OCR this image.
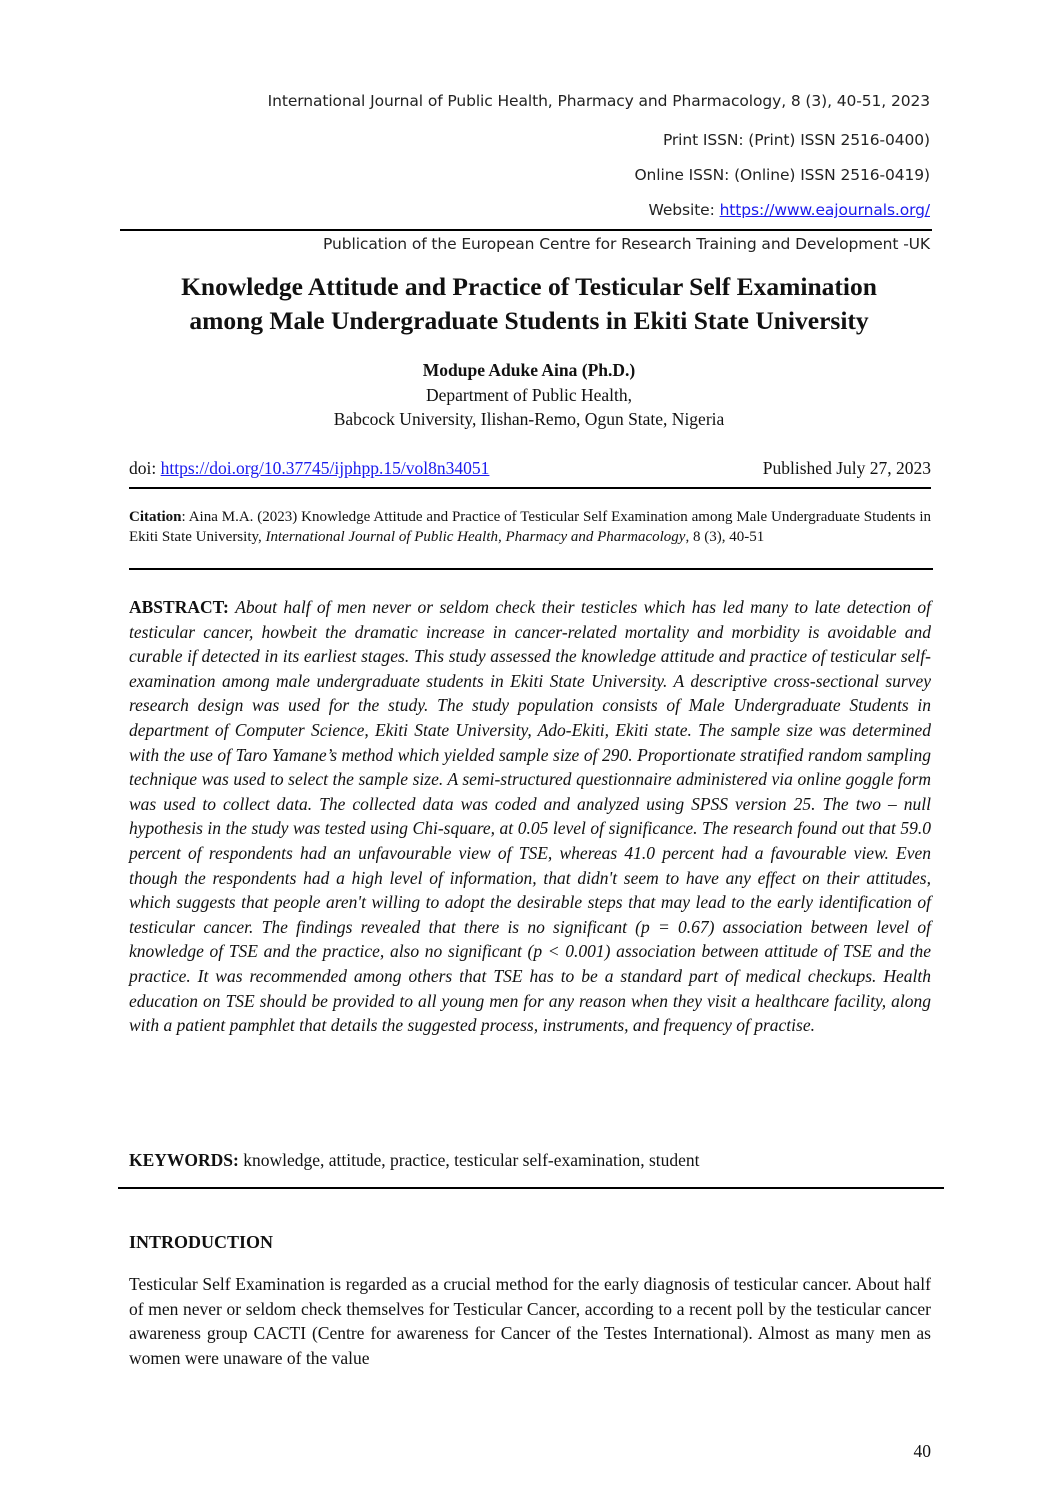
International Journal of Public Health, Pharmacy and Pharmacology, 8 (3), 40-51, 2023
Print ISSN: (Print) ISSN 2516-0400)
Online ISSN: (Online) ISSN 2516-0419)
Website: https://www.eajournals.org/
Publication of the European Centre for Research Training and Development -UK
Knowledge Attitude and Practice of Testicular Self Examination
among Male Undergraduate Students in Ekiti State University
Modupe Aduke Aina (Ph.D.)
Department of Public Health,
Babcock University, Ilishan-Remo, Ogun State, Nigeria
doi: https://doi.org/10.37745/ijphpp.15/vol8n34051	Published July 27, 2023
Citation: Aina M.A. (2023) Knowledge Attitude and Practice of Testicular Self Examination among Male Undergraduate Students in Ekiti State University, International Journal of Public Health, Pharmacy and Pharmacology, 8 (3), 40-51
ABSTRACT: About half of men never or seldom check their testicles which has led many to late detection of testicular cancer, howbeit the dramatic increase in cancer-related mortality and morbidity is avoidable and curable if detected in its earliest stages. This study assessed the knowledge attitude and practice of testicular self-examination among male undergraduate students in Ekiti State University. A descriptive cross-sectional survey research design was used for the study. The study population consists of Male Undergraduate Students in department of Computer Science, Ekiti State University, Ado-Ekiti, Ekiti state. The sample size was determined with the use of Taro Yamane’s method which yielded sample size of 290. Proportionate stratified random sampling technique was used to select the sample size. A semi-structured questionnaire administered via online goggle form was used to collect data. The collected data was coded and analyzed using SPSS version 25. The two – null hypothesis in the study was tested using Chi-square, at 0.05 level of significance. The research found out that 59.0 percent of respondents had an unfavourable view of TSE, whereas 41.0 percent had a favourable view. Even though the respondents had a high level of information, that didn't seem to have any effect on their attitudes, which suggests that people aren't willing to adopt the desirable steps that may lead to the early identification of testicular cancer. The findings revealed that there is no significant (p = 0.67) association between level of knowledge of TSE and the practice, also no significant (p < 0.001) association between attitude of TSE and the practice. It was recommended among others that TSE has to be a standard part of medical checkups. Health education on TSE should be provided to all young men for any reason when they visit a healthcare facility, along with a patient pamphlet that details the suggested process, instruments, and frequency of practise.
KEYWORDS: knowledge, attitude, practice, testicular self-examination, student
INTRODUCTION
Testicular Self Examination is regarded as a crucial method for the early diagnosis of testicular cancer. About half of men never or seldom check themselves for Testicular Cancer, according to a recent poll by the testicular cancer awareness group CACTI (Centre for awareness for Cancer of the Testes International). Almost as many men as women were unaware of the value
40
